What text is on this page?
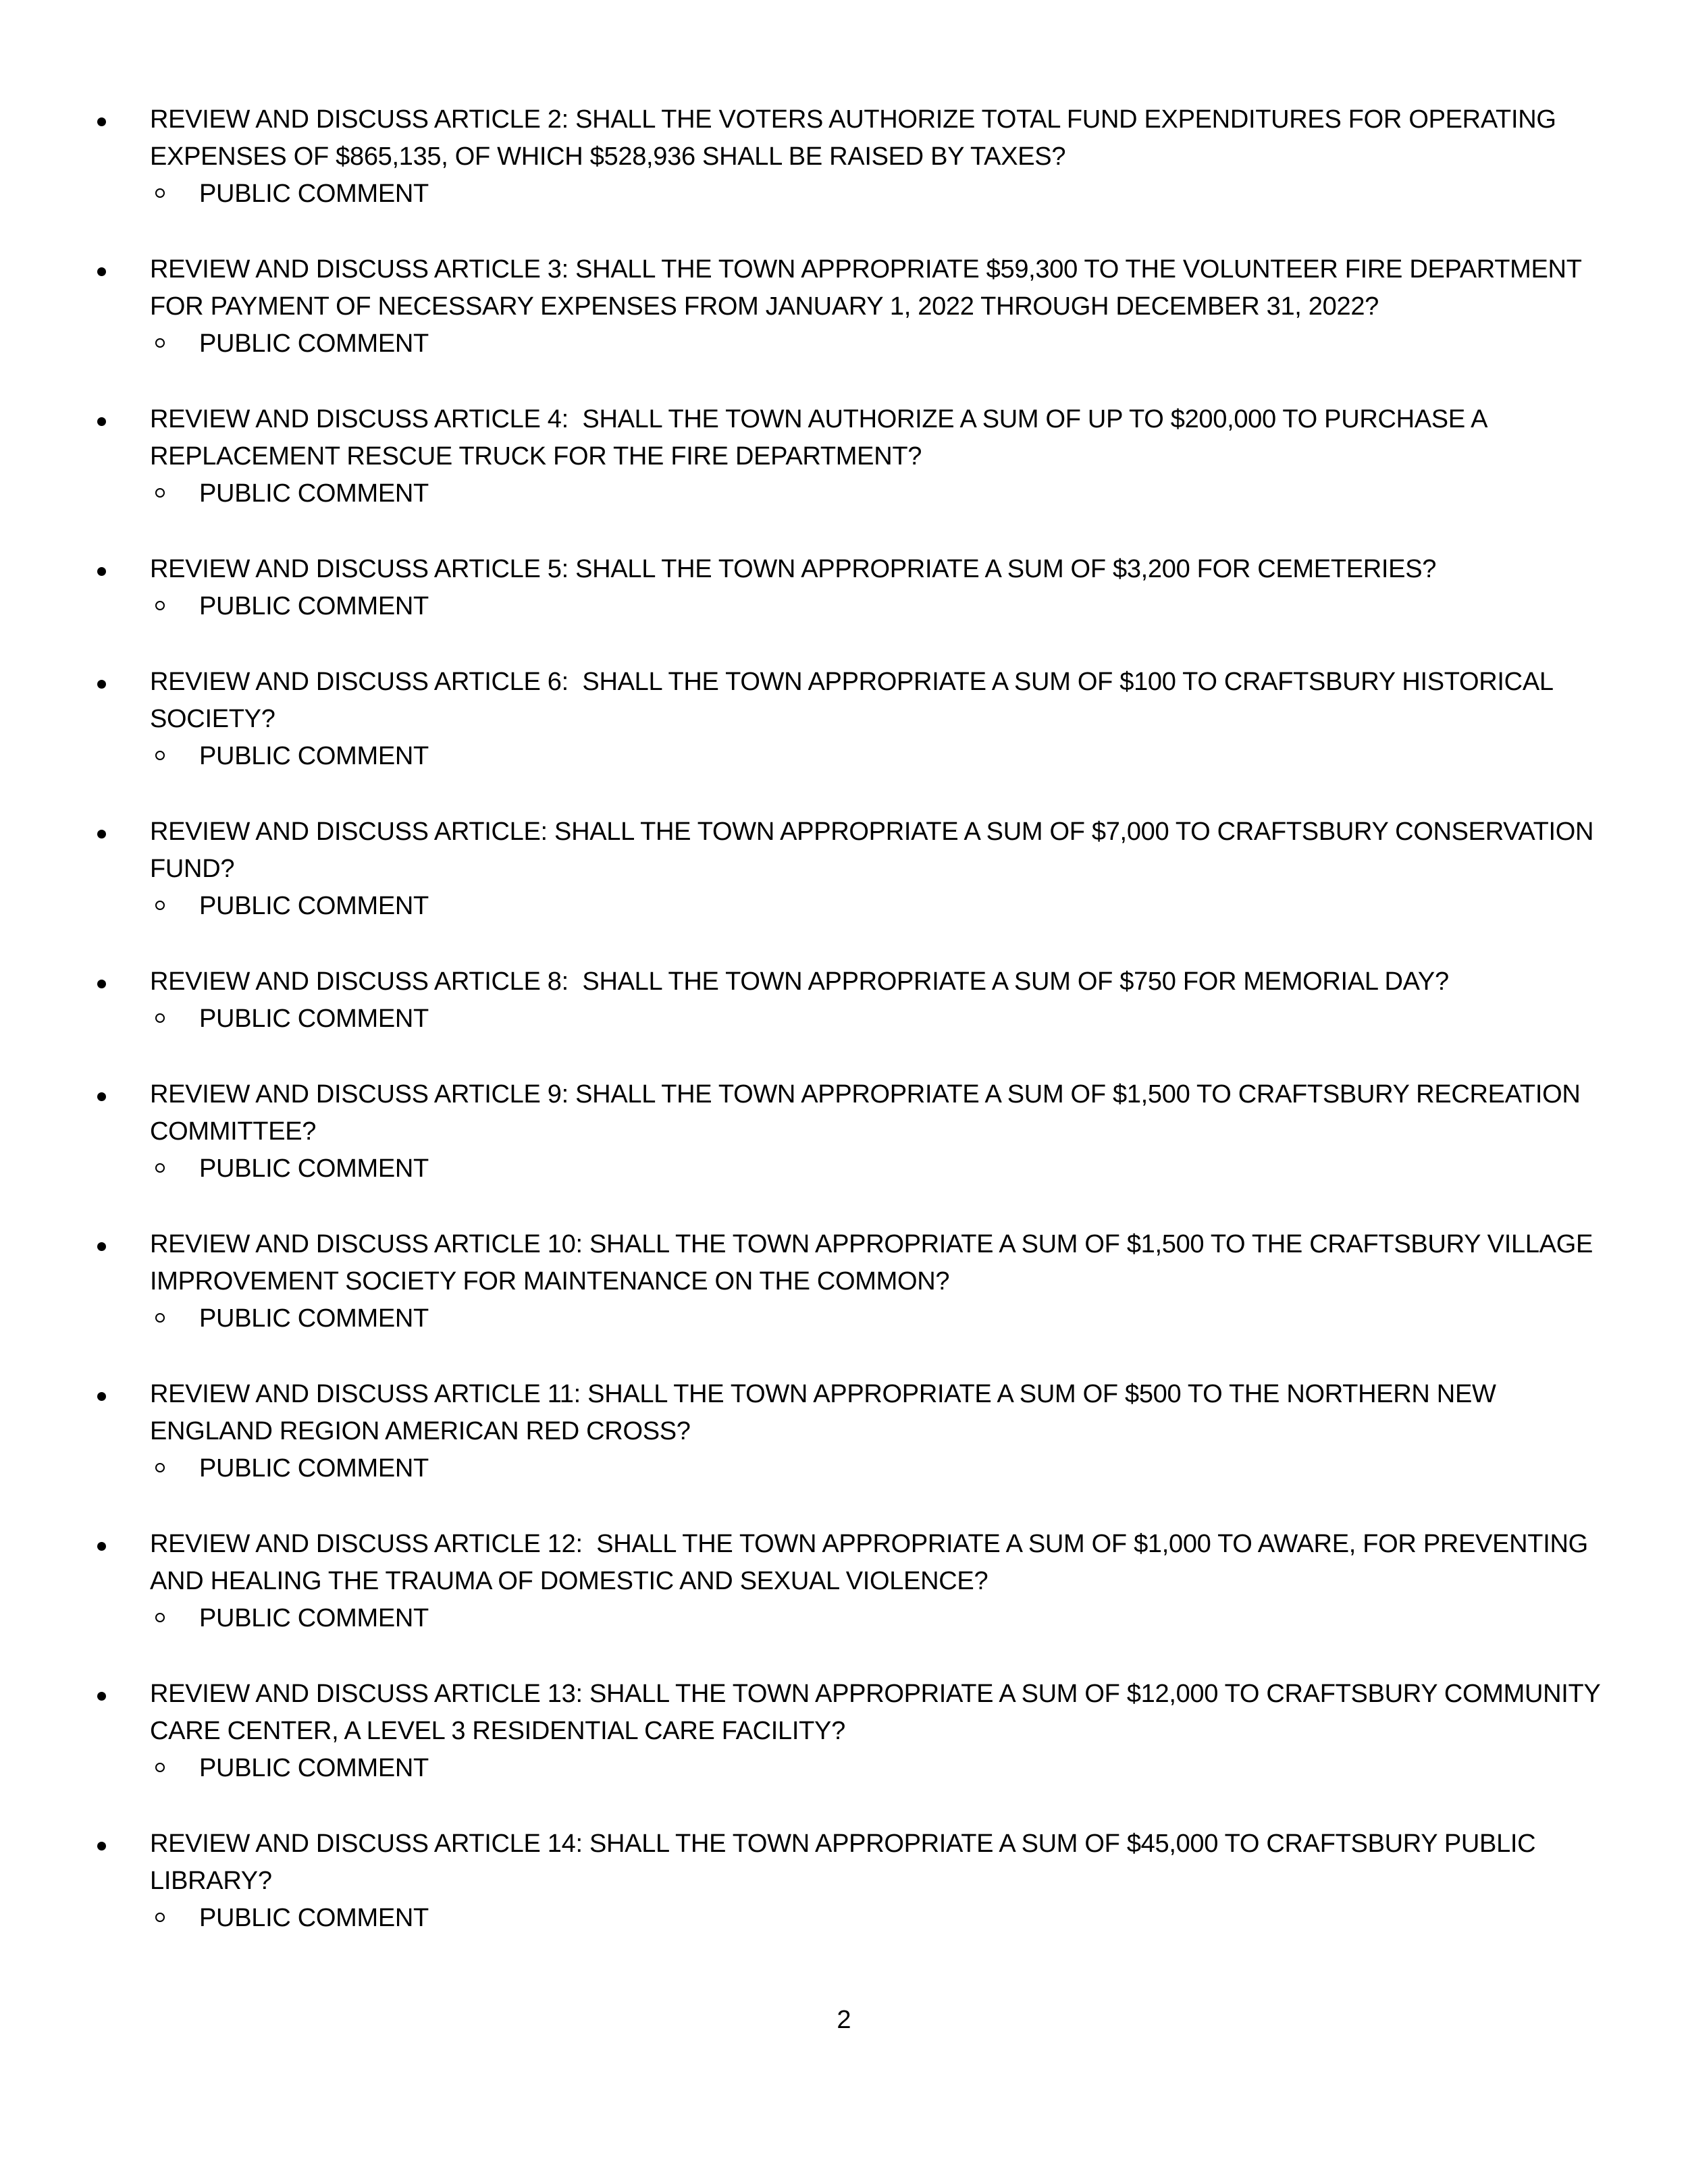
REVIEW AND DISCUSS ARTICLE 2: SHALL THE VOTERS AUTHORIZE TOTAL FUND EXPENDITURES FOR OPERATING EXPENSES OF $865,135, OF WHICH $528,936 SHALL BE RAISED BY TAXES?
PUBLIC COMMENT
REVIEW AND DISCUSS ARTICLE 3: SHALL THE TOWN APPROPRIATE $59,300 TO THE VOLUNTEER FIRE DEPARTMENT FOR PAYMENT OF NECESSARY EXPENSES FROM JANUARY 1, 2022 THROUGH DECEMBER 31, 2022?
PUBLIC COMMENT
REVIEW AND DISCUSS ARTICLE 4:  SHALL THE TOWN AUTHORIZE A SUM OF UP TO $200,000 TO PURCHASE A REPLACEMENT RESCUE TRUCK FOR THE FIRE DEPARTMENT?
PUBLIC COMMENT
REVIEW AND DISCUSS ARTICLE 5: SHALL THE TOWN APPROPRIATE A SUM OF $3,200 FOR CEMETERIES?
PUBLIC COMMENT
REVIEW AND DISCUSS ARTICLE 6:  SHALL THE TOWN APPROPRIATE A SUM OF $100 TO CRAFTSBURY HISTORICAL SOCIETY?
PUBLIC COMMENT
REVIEW AND DISCUSS ARTICLE: SHALL THE TOWN APPROPRIATE A SUM OF $7,000 TO CRAFTSBURY CONSERVATION FUND?
PUBLIC COMMENT
REVIEW AND DISCUSS ARTICLE 8:  SHALL THE TOWN APPROPRIATE A SUM OF $750 FOR MEMORIAL DAY?
PUBLIC COMMENT
REVIEW AND DISCUSS ARTICLE 9: SHALL THE TOWN APPROPRIATE A SUM OF $1,500 TO CRAFTSBURY RECREATION COMMITTEE?
PUBLIC COMMENT
REVIEW AND DISCUSS ARTICLE 10: SHALL THE TOWN APPROPRIATE A SUM OF $1,500 TO THE CRAFTSBURY VILLAGE IMPROVEMENT SOCIETY FOR MAINTENANCE ON THE COMMON?
PUBLIC COMMENT
REVIEW AND DISCUSS ARTICLE 11: SHALL THE TOWN APPROPRIATE A SUM OF $500 TO THE NORTHERN NEW ENGLAND REGION AMERICAN RED CROSS?
PUBLIC COMMENT
REVIEW AND DISCUSS ARTICLE 12:  SHALL THE TOWN APPROPRIATE A SUM OF $1,000 TO AWARE, FOR PREVENTING AND HEALING THE TRAUMA OF DOMESTIC AND SEXUAL VIOLENCE?
PUBLIC COMMENT
REVIEW AND DISCUSS ARTICLE 13: SHALL THE TOWN APPROPRIATE A SUM OF $12,000 TO CRAFTSBURY COMMUNITY CARE CENTER, A LEVEL 3 RESIDENTIAL CARE FACILITY?
PUBLIC COMMENT
REVIEW AND DISCUSS ARTICLE 14: SHALL THE TOWN APPROPRIATE A SUM OF $45,000 TO CRAFTSBURY PUBLIC LIBRARY?
PUBLIC COMMENT
2
